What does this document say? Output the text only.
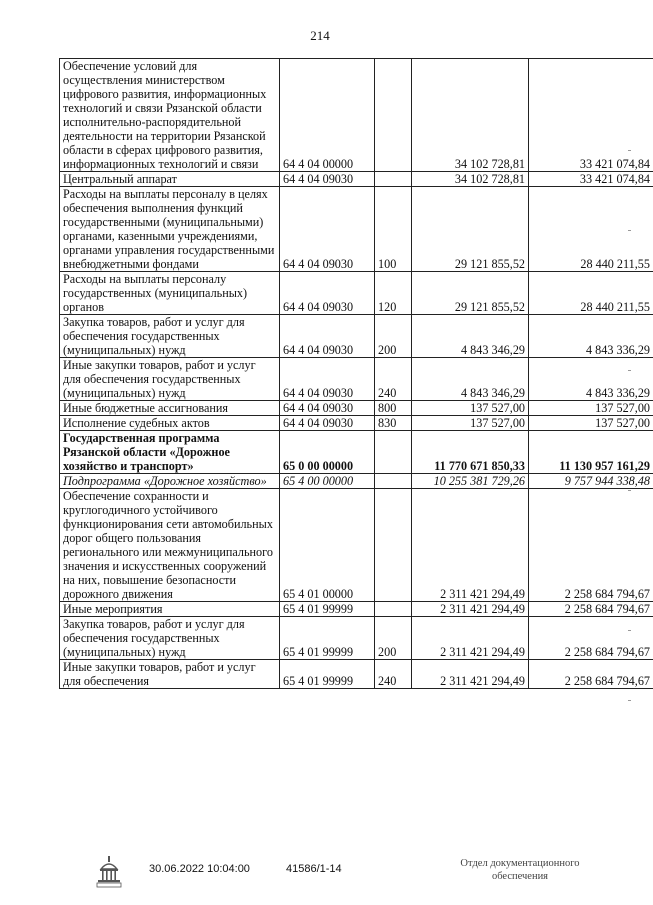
214
Обеспечение условий для осуществления министерством цифрового развития, информационных технологий и связи Рязанской области исполнительно-распорядительной деятельности на территории Рязанской области в сферах цифрового развития, информационных технологий и связи	64 4 04 00000		34 102 728,81	33 421 074,84
Центральный аппарат	64 4 04 09030		34 102 728,81	33 421 074,84
Расходы на выплаты персоналу в целях обеспечения выполнения функций государственными (муниципальными) органами, казенными учреждениями, органами управления государственными внебюджетными фондами	64 4 04 09030	100	29 121 855,52	28 440 211,55
Расходы на выплаты персоналу государственных (муниципальных) органов	64 4 04 09030	120	29 121 855,52	28 440 211,55
Закупка товаров, работ и услуг для обеспечения государственных (муниципальных) нужд	64 4 04 09030	200	4 843 346,29	4 843 336,29
Иные закупки товаров, работ и услуг для обеспечения государственных (муниципальных) нужд	64 4 04 09030	240	4 843 346,29	4 843 336,29
Иные бюджетные ассигнования	64 4 04 09030	800	137 527,00	137 527,00
Исполнение судебных актов	64 4 04 09030	830	137 527,00	137 527,00
Государственная программа Рязанской области «Дорожное хозяйство и транспорт»	65 0 00 00000		11 770 671 850,33	11 130 957 161,29
Подпрограмма «Дорожное хозяйство»	65 4 00 00000		10 255 381 729,26	9 757 944 338,48
Обеспечение сохранности и круглогодичного устойчивого функционирования сети автомобильных дорог общего пользования регионального или межмуниципального значения и искусственных сооружений на них, повышение безопасности дорожного движения	65 4 01 00000		2 311 421 294,49	2 258 684 794,67
Иные мероприятия	65 4 01 99999		2 311 421 294,49	2 258 684 794,67
Закупка товаров, работ и услуг для обеспечения государственных (муниципальных) нужд	65 4 01 99999	200	2 311 421 294,49	2 258 684 794,67
Иные закупки товаров, работ и услуг для обеспечения	65 4 01 99999	240	2 311 421 294,49	2 258 684 794,67
30.06.2022 10:04:00	41586/1-14	Отдел документационного
обеспечения
